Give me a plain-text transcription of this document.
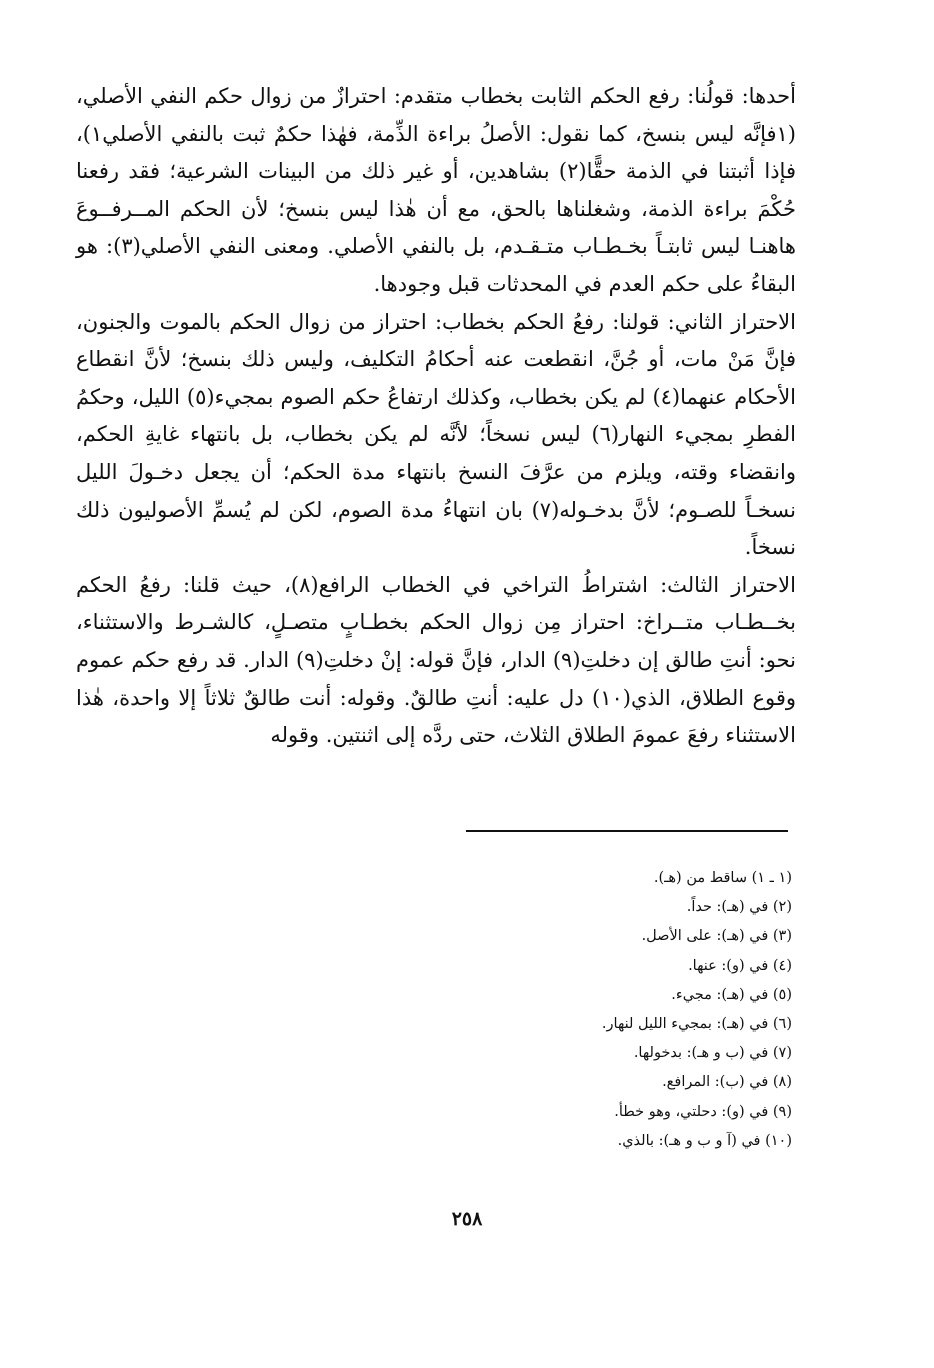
أحدها: قولُنا: رفع الحكم الثابت بخطاب متقدم: احترازٌ من زوال حكم النفي الأصلي، (١فإنَّه ليس بنسخ، كما نقول: الأصلُ براءة الذِّمة، فهٰذا حكمٌ ثبت بالنفي الأصلي١)، فإذا أثبتنا في الذمة حقًّا(٢) بشاهدين، أو غير ذلك من البينات الشرعية؛ فقد رفعنا حُكْمَ براءة الذمة، وشغلناها بالحق، مع أن هٰذا ليس بنسخ؛ لأن الحكم المــرفــوعَ هاهنـا ليس ثابتـاً بخـطـاب متـقـدم، بل بالنفي الأصلي. ومعنى النفي الأصلي(٣): هو البقاءُ على حكم العدم في المحدثات قبل وجودها.

الاحتراز الثاني: قولنا: رفعُ الحكم بخطاب: احتراز من زوال الحكم بالموت والجنون، فإنَّ مَنْ مات، أو جُنَّ، انقطعت عنه أحكامُ التكليف، وليس ذلك بنسخ؛ لأنَّ انقطاع الأحكام عنهما(٤) لم يكن بخطاب، وكذلك ارتفاعُ حكم الصوم بمجيء(٥) الليل، وحكمُ الفطرِ بمجيء النهار(٦) ليس نسخاً؛ لأنَّه لم يكن بخطاب، بل بانتهاء غايةِ الحكم، وانقضاء وقته، ويلزم من عرَّفَ النسخ بانتهاء مدة الحكم؛ أن يجعل دخـولَ الليل نسخـاً للصـوم؛ لأنَّ بدخـوله(٧) بان انتهاءُ مدة الصوم، لكن لم يُسمِّ الأصوليون ذلك نسخاً.

الاحتراز الثالث: اشتراطُ التراخي في الخطاب الرافع(٨)، حيث قلنا: رفعُ الحكم بخــطـاب متــراخ: احتراز مِن زوال الحكم بخطـابٍ متصـلٍ، كالشـرط والاستثناء، نحو: أنتِ طالق إن دخلتِ(٩) الدار، فإنَّ قوله: إنْ دخلتِ(٩) الدار. قد رفع حكم عموم وقوع الطلاق، الذي(١٠) دل عليه: أنتِ طالقٌ. وقوله: أنت طالقٌ ثلاثاً إلا واحدة، هٰذا الاستثناء رفعَ عمومَ الطلاق الثلاث، حتى ردَّه إلى اثنتين. وقوله

(١ ـ ١) ساقط من (هـ).
(٢) في (هـ): حداً.
(٣) في (هـ): على الأصل.
(٤) في (و): عنها.
(٥) في (هـ): مجيء.
(٦) في (هـ): بمجيء الليل لنهار.
(٧) في (ب و هـ): بدخولها.
(٨) في (ب): المرافع.
(٩) في (و): دحلتي، وهو خطأ.
(١٠) في (آ و ب و هـ): بالذي.
٢٥٨
